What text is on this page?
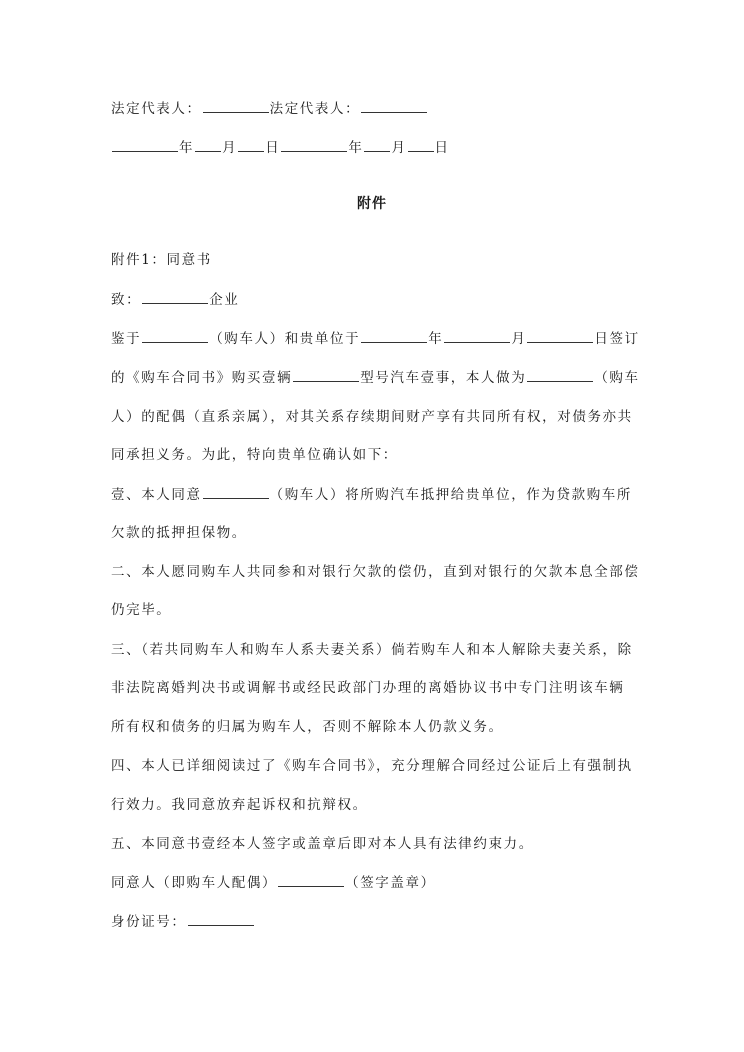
法定代表人：	法定代表人：
年 月 日	年 月 日
附件
附件1：同意书
致：	企业
鉴于	（购车人）和贵单位于	年	月	日签订
的《购车合同书》购买壹辆	型号汽车壹事，本人做为	（购车
人）的配偶（直系亲属），对其关系存续期间财产享有共同所有权，对债务亦共
同承担义务。为此，特向贵单位确认如下：
壹、本人同意	（购车人）将所购汽车抵押给贵单位，作为贷款购车所
欠款的抵押担保物。
二、本人愿同购车人共同参和对银行欠款的偿仍，直到对银行的欠款本息全部偿
仍完毕。
三、（若共同购车人和购车人系夫妻关系）倘若购车人和本人解除夫妻关系，除
非法院离婚判决书或调解书或经民政部门办理的离婚协议书中专门注明该车辆
所有权和债务的归属为购车人，否则不解除本人仍款义务。
四、本人已详细阅读过了《购车合同书》，充分理解合同经过公证后上有强制执
行效力。我同意放弃起诉权和抗辩权。
五、本同意书壹经本人签字或盖章后即对本人具有法律约束力。
同意人（即购车人配偶）	（签字盖章）
身份证号：
